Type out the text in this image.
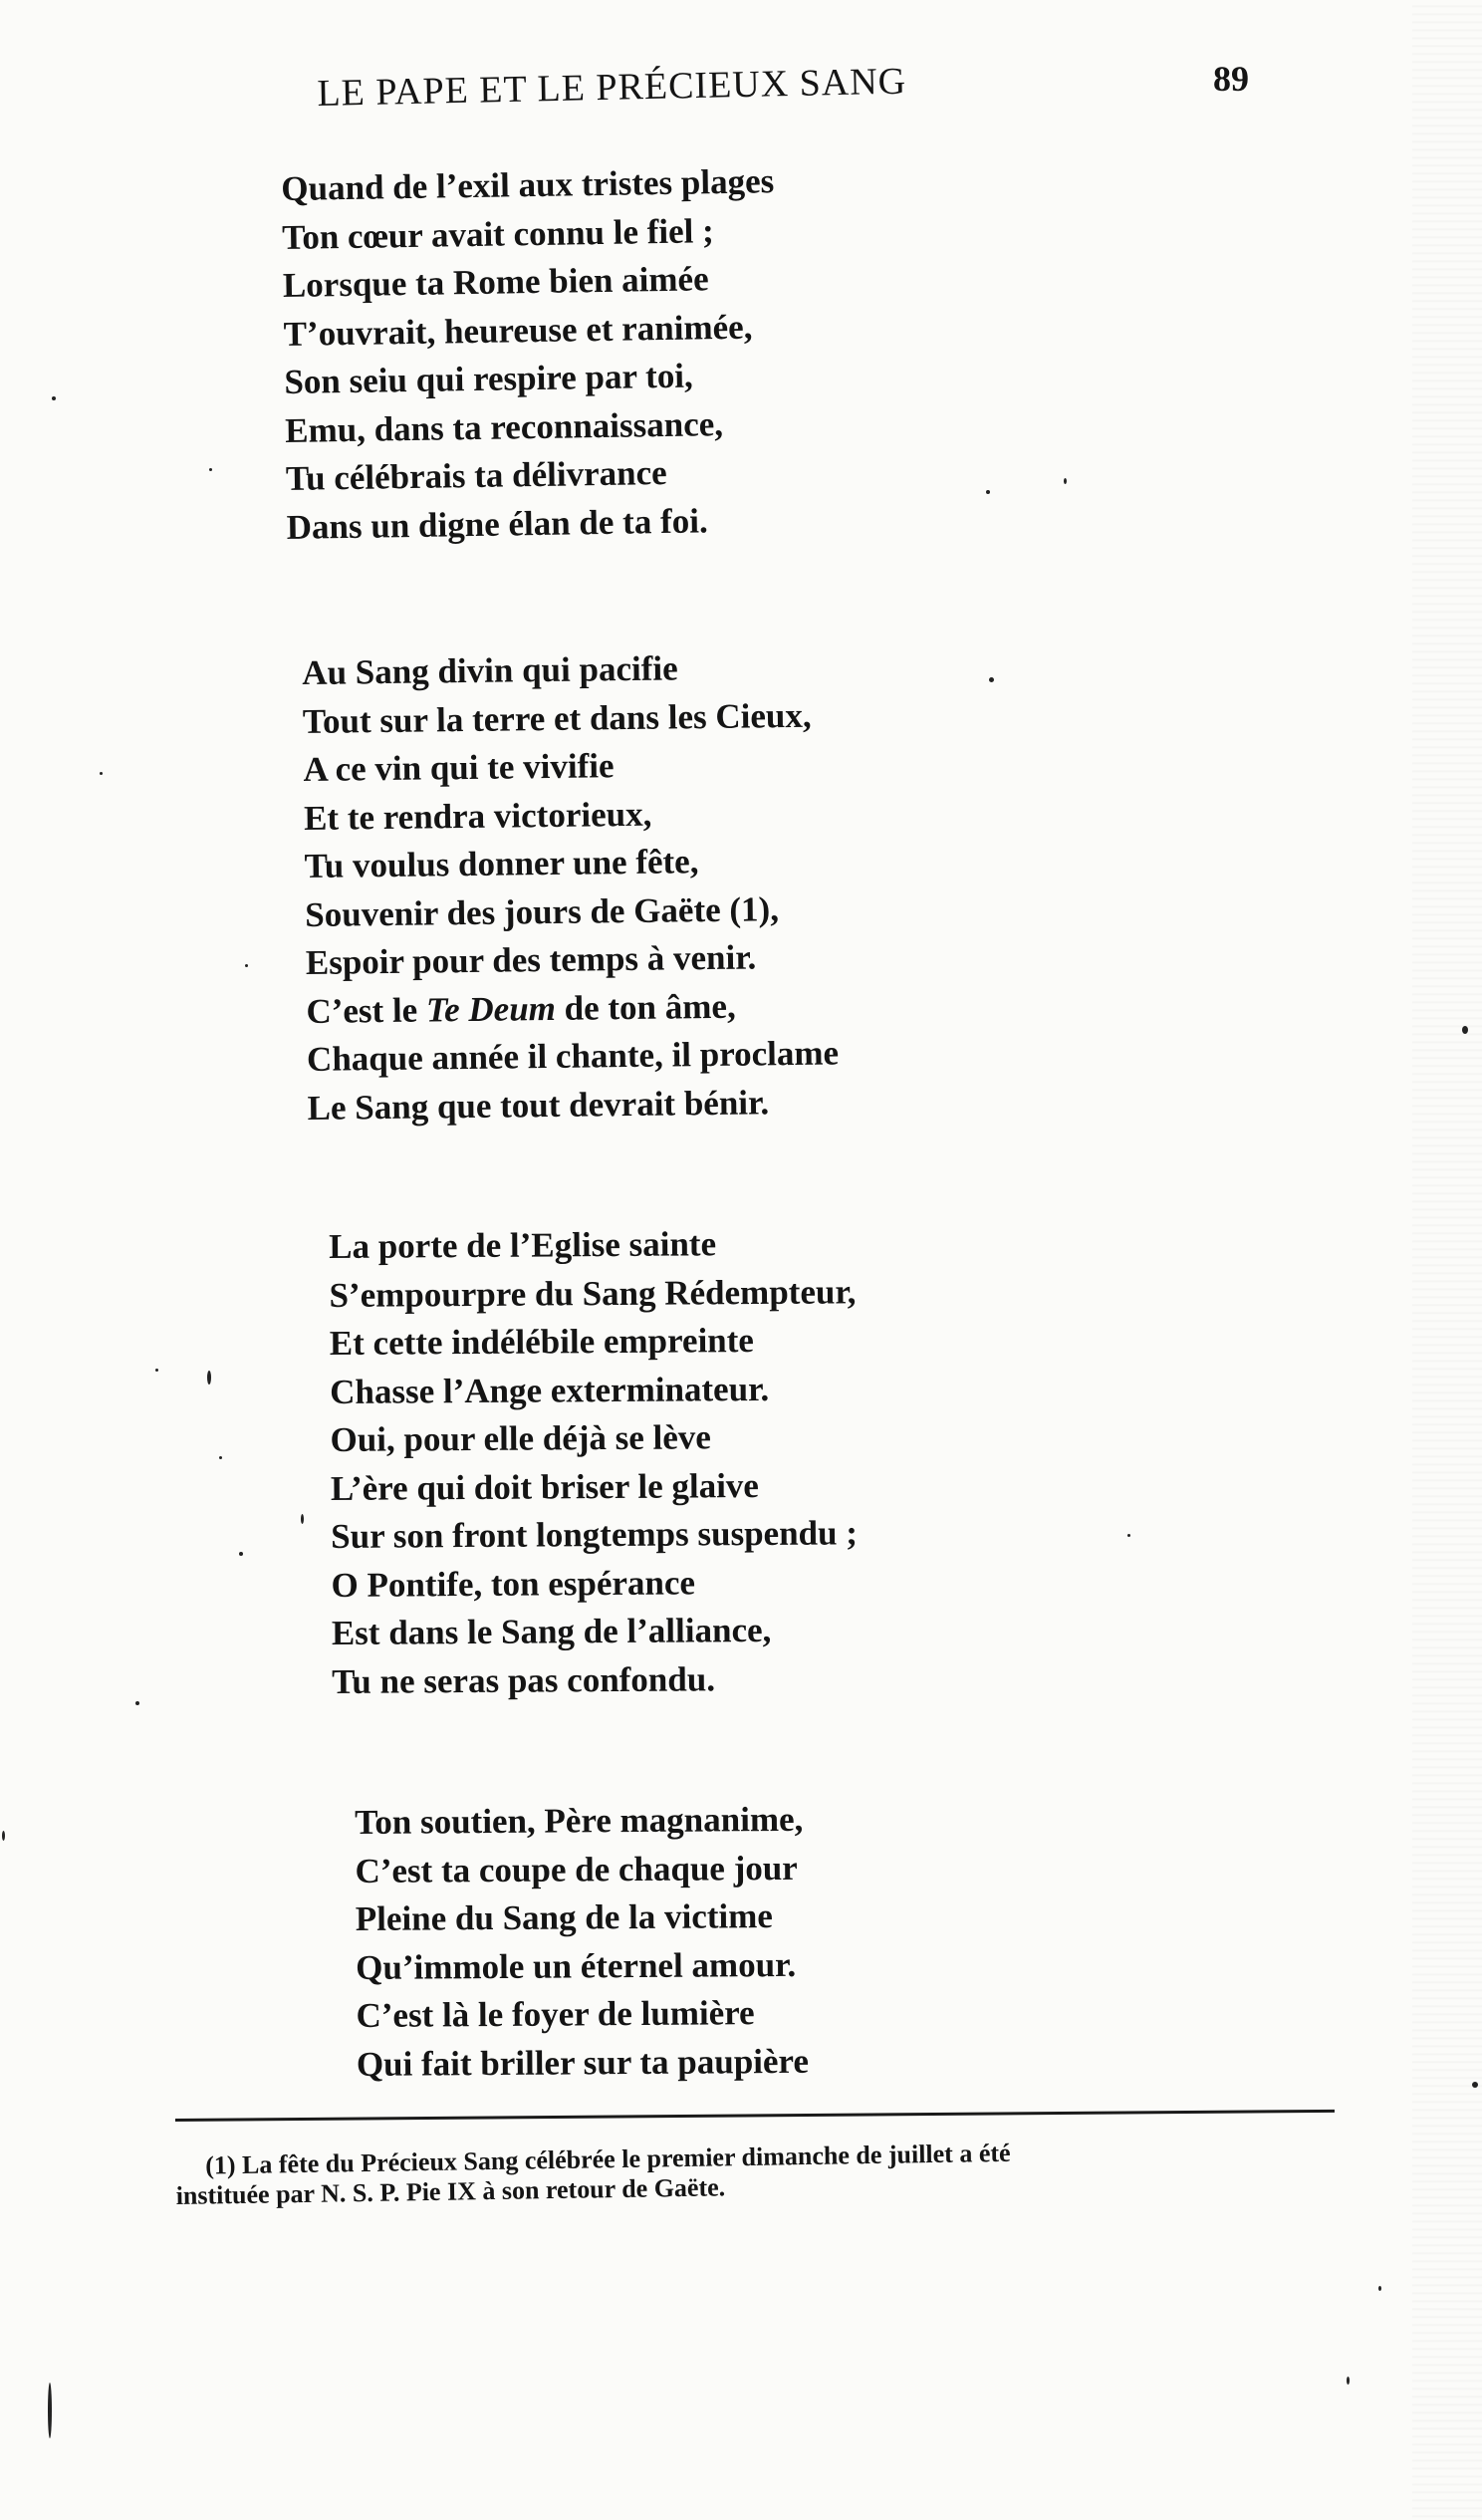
LE PAPE ET LE PRÉCIEUX SANG	89
Quand de l’exil aux tristes plages
Ton cœur avait connu le fiel ;
Lorsque ta Rome bien aimée
T’ouvrait, heureuse et ranimée,
Son seiu qui respire par toi,
Emu, dans ta reconnaissance,
Tu célébrais ta délivrance
Dans un digne élan de ta foi.
Au Sang divin qui pacifie
Tout sur la terre et dans les Cieux,
A ce vin qui te vivifie
Et te rendra victorieux,
Tu voulus donner une fête,
Souvenir des jours de Gaëte (1),
Espoir pour des temps à venir.
C’est le Te Deum de ton âme,
Chaque année il chante, il proclame
Le Sang que tout devrait bénir.
La porte de l’Eglise sainte
S’empourpre du Sang Rédempteur,
Et cette indélébile empreinte
Chasse l’Ange exterminateur.
Oui, pour elle déjà se lève
L’ère qui doit briser le glaive
Sur son front longtemps suspendu ;
O Pontife, ton espérance
Est dans le Sang de l’alliance,
Tu ne seras pas confondu.
Ton soutien, Père magnanime,
C’est ta coupe de chaque jour
Pleine du Sang de la victime
Qu’immole un éternel amour.
C’est là le foyer de lumière
Qui fait briller sur ta paupière
(1) La fête du Précieux Sang célébrée le premier dimanche de juillet a été
instituée par N. S. P. Pie IX à son retour de Gaëte.
